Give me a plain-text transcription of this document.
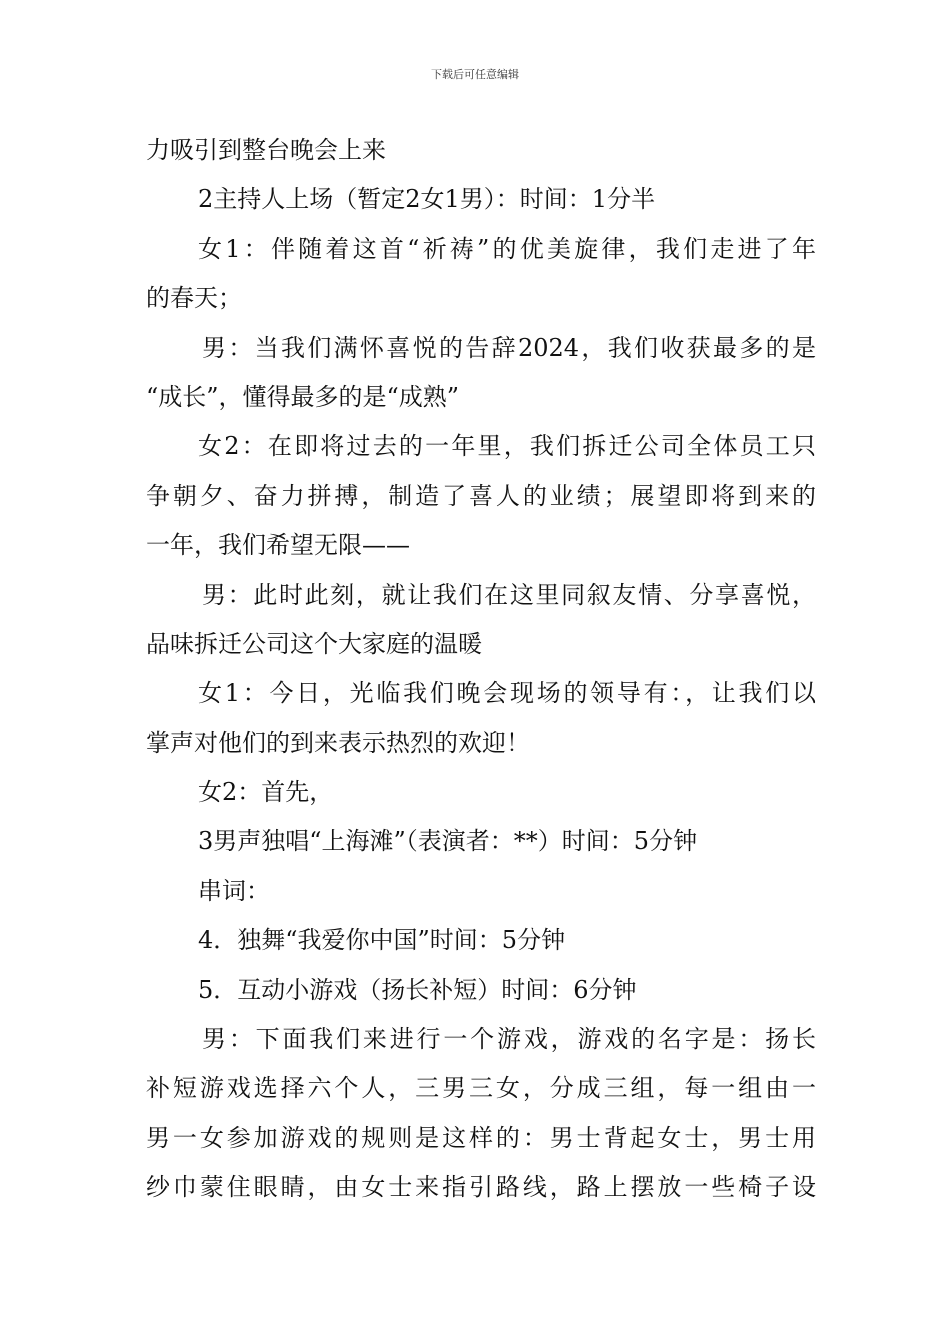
下载后可任意编辑
力吸引到整台晚会上来
2主持人上场（暂定2女1男）：时间：1分半
女1：伴随着这首“祈祷”的优美旋律，我们走进了年
的春天；
男：当我们满怀喜悦的告辞2024，我们收获最多的是
“成长”，懂得最多的是“成熟”
女2：在即将过去的一年里，我们拆迁公司全体员工只
争朝夕、奋力拼搏，制造了喜人的业绩；展望即将到来的
一年，我们希望无限——
男：此时此刻，就让我们在这里同叙友情、分享喜悦，
品味拆迁公司这个大家庭的温暖
女1：今日，光临我们晚会现场的领导有：，让我们以
掌声对他们的到来表示热烈的欢迎！
女2：首先，
3男声独唱“上海滩”（表演者：**）时间：5分钟
串词：
4．独舞“我爱你中国”时间：5分钟
5．互动小游戏（扬长补短）时间：6分钟
男：下面我们来进行一个游戏，游戏的名字是：扬长
补短游戏选择六个人，三男三女，分成三组，每一组由一
男一女参加游戏的规则是这样的：男士背起女士，男士用
纱巾蒙住眼睛，由女士来指引路线，路上摆放一些椅子设
